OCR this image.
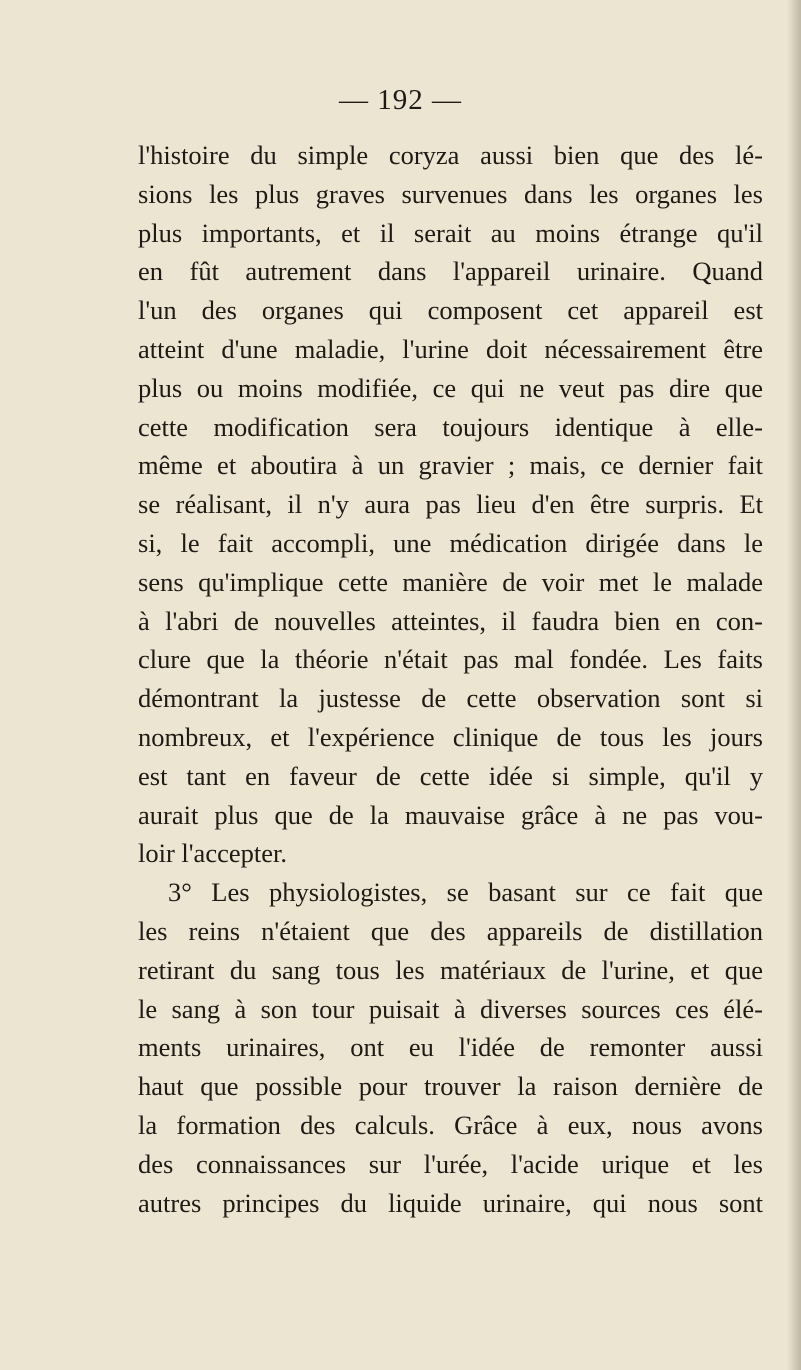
— 192 —
l'histoire du simple coryza aussi bien que des lé-
sions les plus graves survenues dans les organes les
plus importants, et il serait au moins étrange qu'il
en fût autrement dans l'appareil urinaire. Quand
l'un des organes qui composent cet appareil est
atteint d'une maladie, l'urine doit nécessairement être
plus ou moins modifiée, ce qui ne veut pas dire que
cette modification sera toujours identique à elle-
même et aboutira à un gravier ; mais, ce dernier fait
se réalisant, il n'y aura pas lieu d'en être surpris. Et
si, le fait accompli, une médication dirigée dans le
sens qu'implique cette manière de voir met le malade
à l'abri de nouvelles atteintes, il faudra bien en con-
clure que la théorie n'était pas mal fondée. Les faits
démontrant la justesse de cette observation sont si
nombreux, et l'expérience clinique de tous les jours
est tant en faveur de cette idée si simple, qu'il y
aurait plus que de la mauvaise grâce à ne pas vou-
loir l'accepter.
3° Les physiologistes, se basant sur ce fait que
les reins n'étaient que des appareils de distillation
retirant du sang tous les matériaux de l'urine, et que
le sang à son tour puisait à diverses sources ces élé-
ments urinaires, ont eu l'idée de remonter aussi
haut que possible pour trouver la raison dernière de
la formation des calculs. Grâce à eux, nous avons
des connaissances sur l'urée, l'acide urique et les
autres principes du liquide urinaire, qui nous sont
